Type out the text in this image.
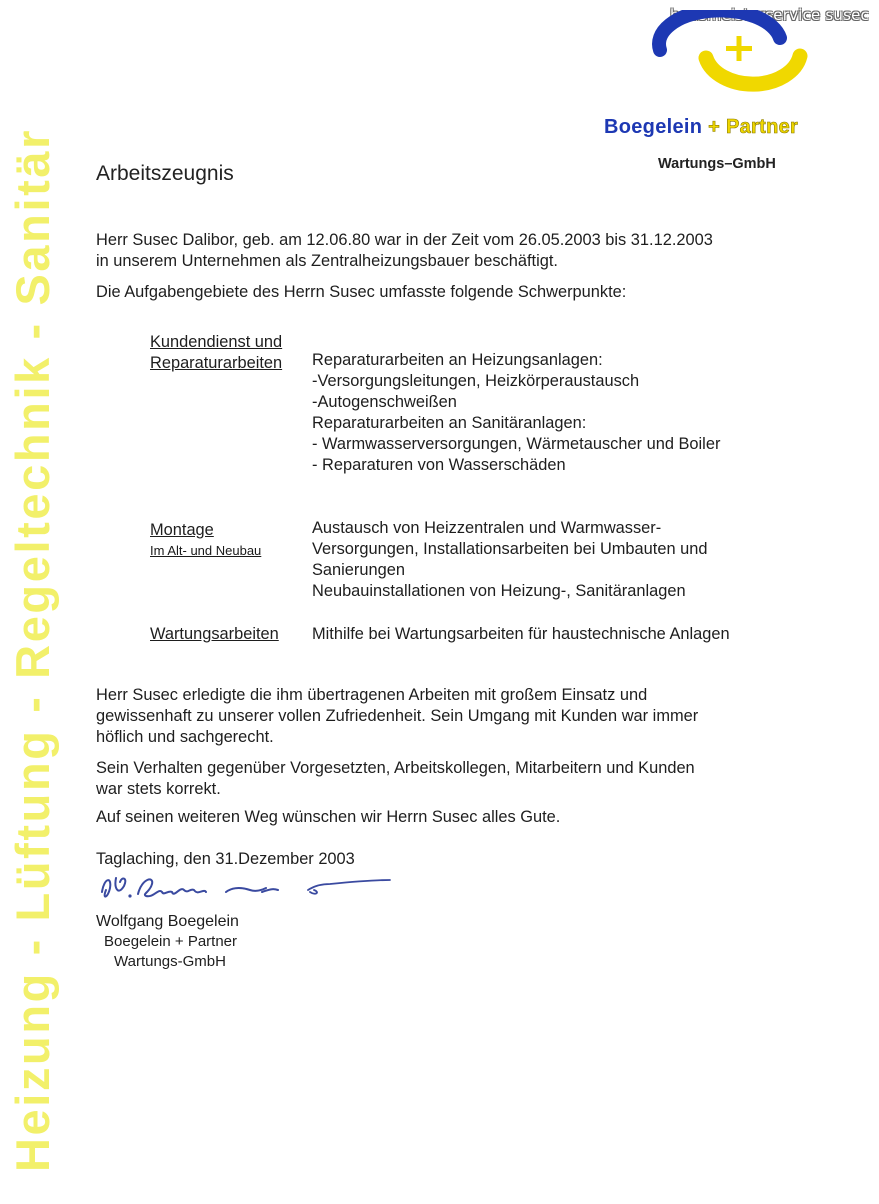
hausmeisterservice susec
Heizung - Lüftung - Regeltechnik - Sanitär
Boegelein + Partner
Wartungs–GmbH
Arbeitszeugnis
Herr Susec Dalibor, geb. am 12.06.80 war in der Zeit vom 26.05.2003 bis 31.12.2003
in unserem Unternehmen als Zentralheizungsbauer beschäftigt.
Die Aufgabengebiete des Herrn Susec umfasste folgende Schwerpunkte:
Kundendienst und
Reparaturarbeiten Reparaturarbeiten an Heizungsanlagen:
-Versorgungsleitungen, Heizkörperaustausch
-Autogenschweißen
Reparaturarbeiten an Sanitäranlagen:
- Warmwasserversorgungen, Wärmetauscher und Boiler
- Reparaturen von Wasserschäden
Montage
Im Alt- und Neubau
Austausch von Heizzentralen und Warmwasser-
Versorgungen, Installationsarbeiten bei Umbauten und
Sanierungen
Neubauinstallationen von Heizung-, Sanitäranlagen
Wartungsarbeiten Mithilfe bei Wartungsarbeiten für haustechnische Anlagen
Herr Susec erledigte die ihm übertragenen Arbeiten mit großem Einsatz und
gewissenhaft zu unserer vollen Zufriedenheit. Sein Umgang mit Kunden war immer
höflich und sachgerecht.
Sein Verhalten gegenüber Vorgesetzten, Arbeitskollegen, Mitarbeitern und Kunden
war stets korrekt.
Auf seinen weiteren Weg wünschen wir Herrn Susec alles Gute.
Taglaching, den 31.Dezember 2003
Wolfgang Boegelein
Boegelein + Partner
Wartungs-GmbH
